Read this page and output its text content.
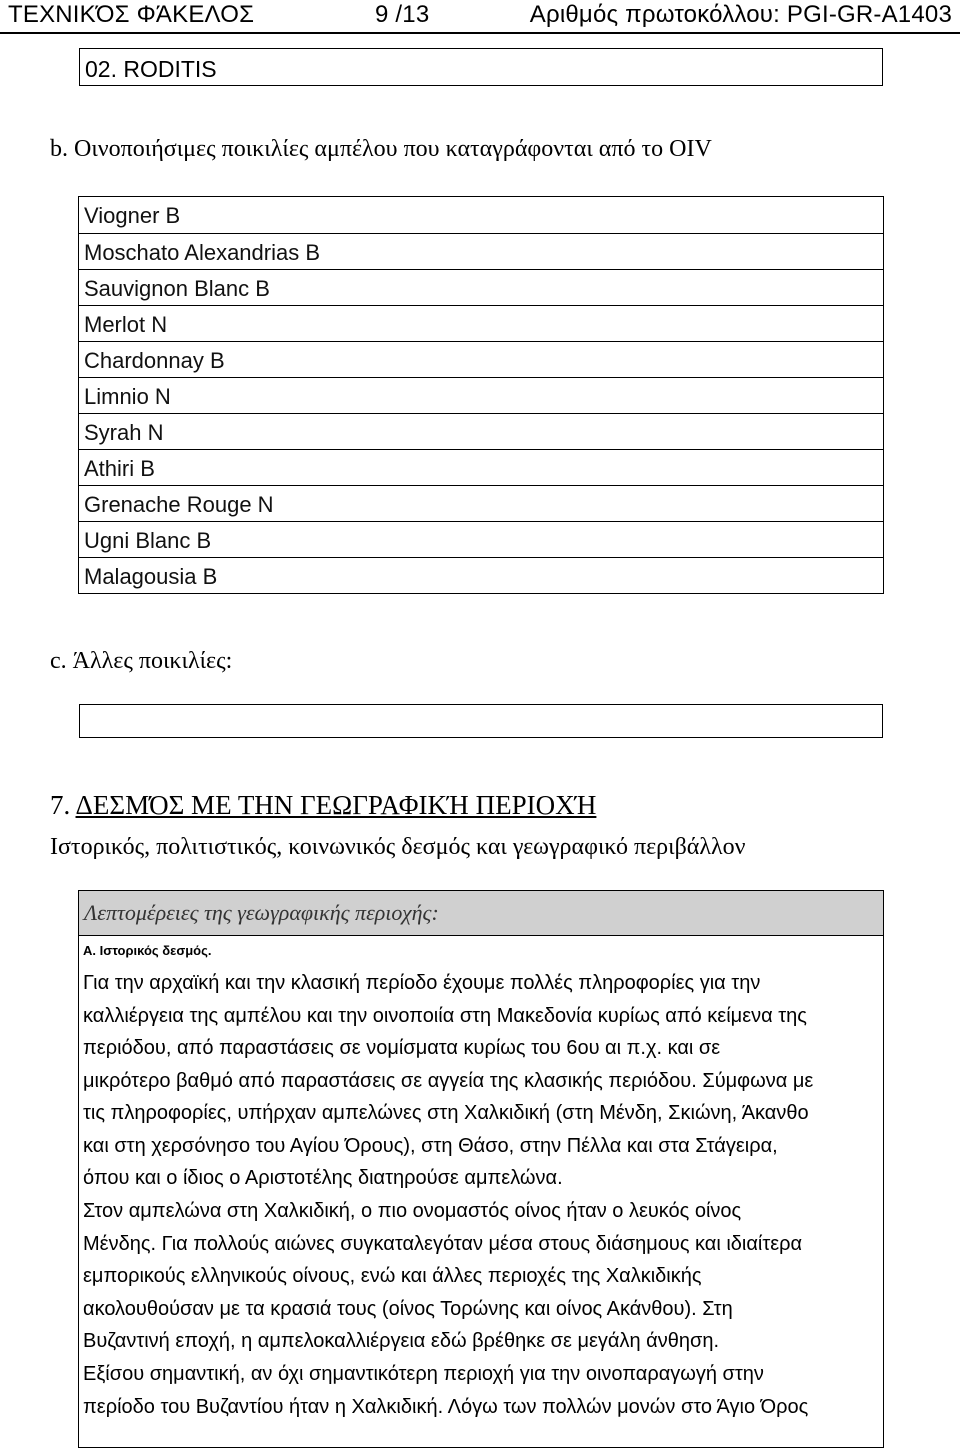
ΤΕΧΝΙΚΌΣ ΦΆΚΕΛΟΣ	9 /13	Αριθμός πρωτοκόλλου: PGI-GR-A1403
02. RODITIS
b. Οινοποιήσιμες ποικιλίες αμπέλου που καταγράφονται από το OIV
Viogner B
Moschato Alexandrias B
Sauvignon Blanc B
Merlot N
Chardonnay B
Limnio N
Syrah N
Athiri B
Grenache Rouge N
Ugni Blanc B
Malagousia B
c. Άλλες ποικιλίες:
7. ΔΕΣΜΌΣ ΜΕ ΤΗΝ ΓΕΩΓΡΑΦΙΚΉ ΠΕΡΙΟΧΉ
Ιστορικός, πολιτιστικός, κοινωνικός δεσμός και γεωγραφικό περιβάλλον
Λεπτομέρειες της γεωγραφικής περιοχής:
A. Ιστορικός δεσμός.
Για την αρχαϊκή και την κλασική περίοδο έχουμε πολλές πληροφορίες για την
καλλιέργεια της αμπέλου και την οινοποιία στη Μακεδονία κυρίως από κείμενα της
περιόδου, από παραστάσεις σε νομίσματα κυρίως του 6ου αι π.χ. και σε
μικρότερο βαθμό από παραστάσεις σε αγγεία της κλασικής περιόδου. Σύμφωνα με
τις πληροφορίες, υπήρχαν αμπελώνες στη Χαλκιδική (στη Μένδη, Σκιώνη, Άκανθο
και στη χερσόνησο του Αγίου Όρους), στη Θάσο, στην Πέλλα και στα Στάγειρα,
όπου και ο ίδιος ο Αριστοτέλης διατηρούσε αμπελώνα.
Στον αμπελώνα στη Χαλκιδική, ο πιο ονομαστός οίνος ήταν ο λευκός οίνος
Μένδης. Για πολλούς αιώνες συγκαταλεγόταν μέσα στους διάσημους και ιδιαίτερα
εμπορικούς ελληνικούς οίνους, ενώ και άλλες περιοχές της Χαλκιδικής
ακολουθούσαν με τα κρασιά τους (οίνος Τορώνης και οίνος Ακάνθου). Στη
Βυζαντινή εποχή, η αμπελοκαλλιέργεια εδώ βρέθηκε σε μεγάλη άνθηση.
Εξίσου σημαντική, αν όχι σημαντικότερη περιοχή για την οινοπαραγωγή στην
περίοδο του Βυζαντίου ήταν η Χαλκιδική. Λόγω των πολλών μονών στο Άγιο Όρος
